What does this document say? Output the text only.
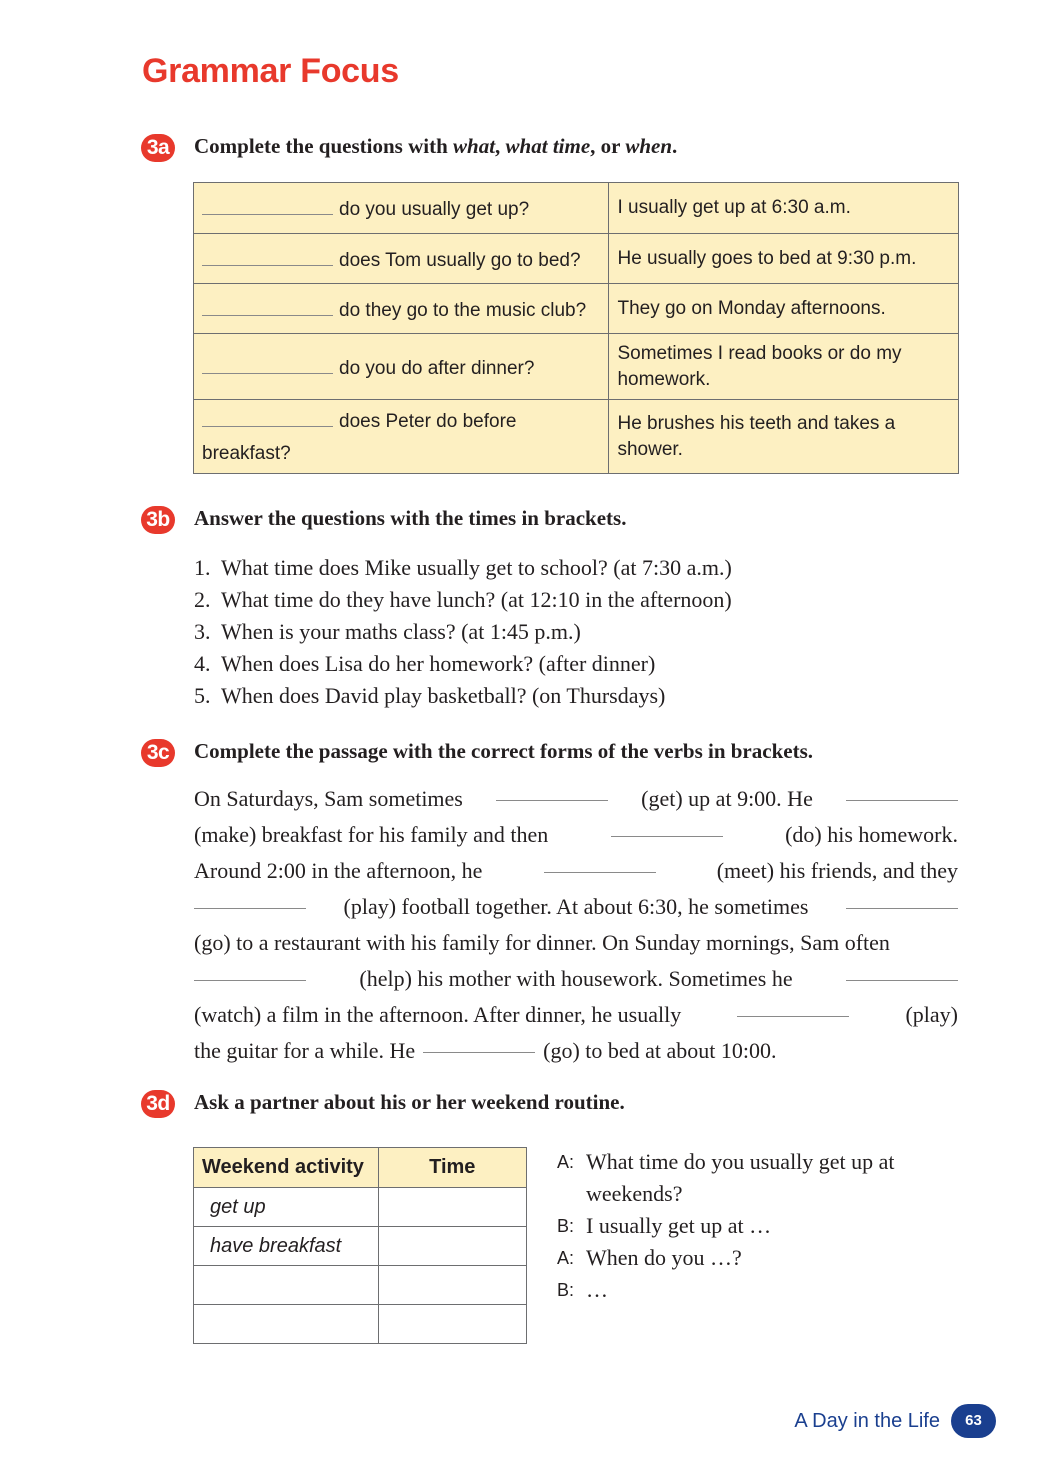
Grammar Focus
3a Complete the questions with what, what time, or when.
do you usually get up?	I usually get up at 6:30 a.m.
does Tom usually go to bed?	He usually goes to bed at 9:30 p.m.
do they go to the music club?	They go on Monday afternoons.
do you do after dinner?	Sometimes I read books or do my homework.
does Peter do before
breakfast?	He brushes his teeth and takes a shower.
3b Answer the questions with the times in brackets.
1. What time does Mike usually get to school? (at 7:30 a.m.)
2. What time do they have lunch? (at 12:10 in the afternoon)
3. When is your maths class? (at 1:45 p.m.)
4. When does Lisa do her homework? (after dinner)
5. When does David play basketball? (on Thursdays)
3c Complete the passage with the correct forms of the verbs in brackets.
On Saturdays, Sam sometimes	(get) up at 9:00. He
(make) breakfast for his family and then	(do) his homework.
Around 2:00 in the afternoon, he	(meet) his friends, and they
(play) football together. At about 6:30, he sometimes
(go) to a restaurant with his family for dinner. On Sunday mornings, Sam often
(help) his mother with housework. Sometimes he
(watch) a film in the afternoon. After dinner, he usually	(play)
the guitar for a while. He	(go) to bed at about 10:00.
3d Ask a partner about his or her weekend routine.
Weekend activity	Time
get up	
have breakfast	

A: What time do you usually get up at
weekends?
B: I usually get up at …
A: When do you …?
B: …
A Day in the Life	63
